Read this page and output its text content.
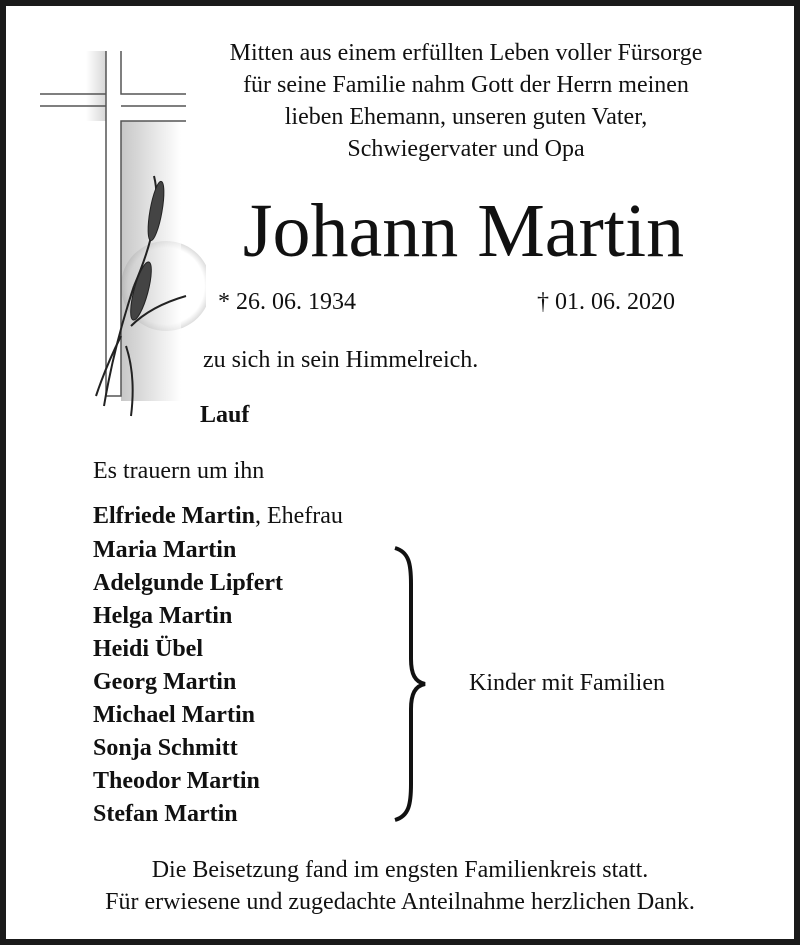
Mitten aus einem erfüllten Leben voller Fürsorge
für seine Familie nahm Gott der Herrn meinen
lieben Ehemann, unseren guten Vater,
Schwiegervater und Opa
Johann Martin
* 26. 06. 1934	† 01. 06. 2020
zu sich in sein Himmelreich.
Lauf
Es trauern um ihn
Elfriede Martin, Ehefrau
Maria Martin
Adelgunde Lipfert
Helga Martin
Heidi Übel
Georg Martin
Michael Martin
Sonja Schmitt
Theodor Martin
Stefan Martin
Kinder mit Familien
Die Beisetzung fand im engsten Familienkreis statt.
Für erwiesene und zugedachte Anteilnahme herzlichen Dank.
